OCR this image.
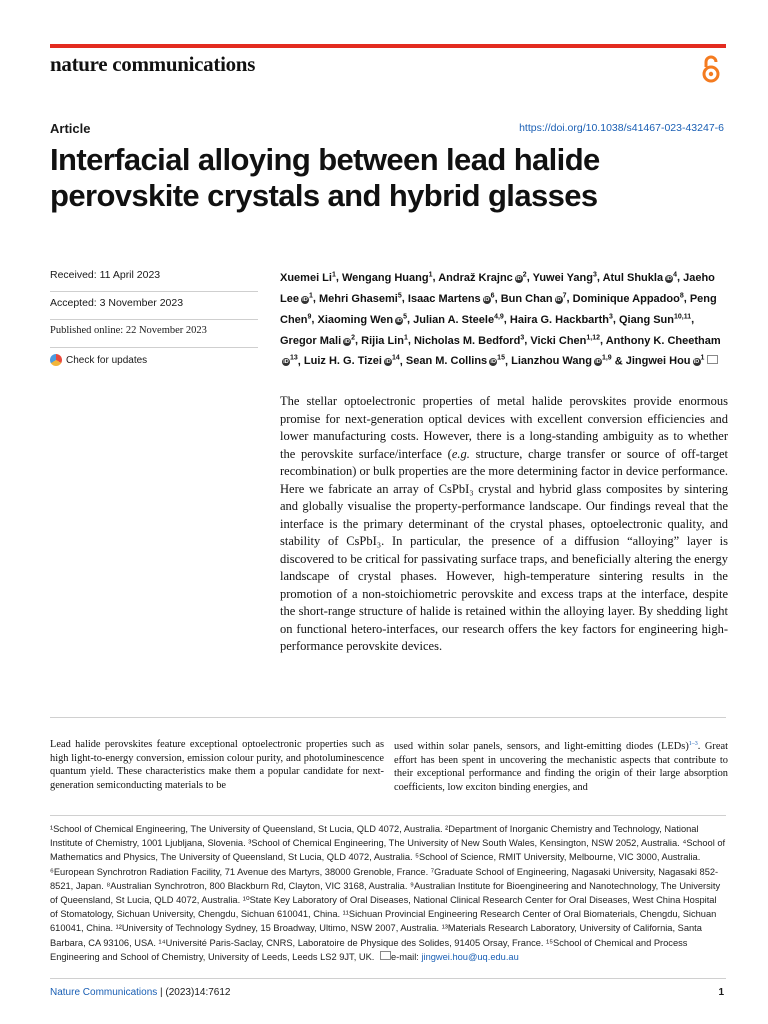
nature communications
Article	https://doi.org/10.1038/s41467-023-43247-6
Interfacial alloying between lead halide perovskite crystals and hybrid glasses
Received: 11 April 2023
Accepted: 3 November 2023
Published online: 22 November 2023
Check for updates
Xuemei Li$^1$, Wengang Huang$^1$, Andraž Krajnc $iD^2$, Yuwei Yang$^3$, Atul Shukla $iD^4$, Jaeho Lee $iD^1$, Mehri Ghasemi$^5$, Isaac Martens $iD^6$, Bun Chan $iD^7$, Dominique Appadoo$^8$, Peng Chen$^9$, Xiaoming Wen $iD^5$, Julian A. Steele$^{4,9}$, Haira G. Hackbarth$^3$, Qiang Sun$^{10,11}$, Gregor Mali $iD^2$, Rijia Lin$^1$, Nicholas M. Bedford$^3$, Vicki Chen$^{1,12}$, Anthony K. CheethamiD$^{13}$, Luiz H. G. Tizei $iD^{14}$, Sean M. Collins $iD^{15}$, Lianzhou Wang iD$^{1,9}$ & Jingwei Hou $iD^1$

The stellar optoelectronic properties of metal halide perovskites provide enormous promise for next-generation optical devices with excellent conversion efficiencies and lower manufacturing costs. However, there is a long-standing ambiguity as to whether the perovskite surface/interface (e.g. structure, charge transfer or source of off-target recombination) or bulk properties are the more determining factor in device performance. Here we fabricate an array of CsPbI₃ crystal and hybrid glass composites by sintering and globally visualise the property-performance landscape. Our findings reveal that the interface is the primary determinant of the crystal phases, optoelectronic quality, and stability of CsPbI₃. In particular, the presence of a diffusion “alloying” layer is discovered to be critical for passivating surface traps, and beneficially altering the energy landscape of crystal phases. However, high-temperature sintering results in the promotion of a non-stoichiometric perovskite and excess traps at the interface, despite the short-range structure of halide is retained within the alloying layer. By shedding light on functional hetero-interfaces, our research offers the key factors for engineering high-performance perovskite devices.

Lead halide perovskites feature exceptional optoelectronic properties such as high light-to-energy conversion, emission colour purity, and photoluminescence quantum yield. These characteristics make them a popular candidate for next-generation semiconducting materials to be

used within solar panels, sensors, and light-emitting diodes (LEDs)$^{1-3}$. Great effort has been spent in uncovering the mechanistic aspects that contribute to their exceptional performance and finding the origin of their large absorption coefficients, low exciton binding energies, and

¹School of Chemical Engineering, The University of Queensland, St Lucia, QLD 4072, Australia. ²Department of Inorganic Chemistry and Technology, National Institute of Chemistry, 1001 Ljubljana, Slovenia. ³School of Chemical Engineering, The University of New South Wales, Kensington, NSW 2052, Australia. ⁴School of Mathematics and Physics, The University of Queensland, St Lucia, QLD 4072, Australia. ⁵School of Science, RMIT University, Melbourne, VIC 3000, Australia. ⁶European Synchrotron Radiation Facility, 71 Avenue des Martyrs, 38000 Grenoble, France. ⁷Graduate School of Engineering, Nagasaki University, Nagasaki 852-8521, Japan. ⁸Australian Synchrotron, 800 Blackburn Rd, Clayton, VIC 3168, Australia. ⁹Australian Institute for Bioengineering and Nanotechnology, The University of Queensland, St Lucia, QLD 4072, Australia. ¹⁰State Key Laboratory of Oral Diseases, National Clinical Research Center for Oral Diseases, West China Hospital of Stomatology, Sichuan University, Chengdu, Sichuan 610041, China. ¹¹Sichuan Provincial Engineering Research Center of Oral Biomaterials, Chengdu, Sichuan 610041, China. ¹²University of Technology Sydney, 15 Broadway, Ultimo, NSW 2007, Australia. ¹³Materials Research Laboratory, University of California, Santa Barbara, CA 93106, USA. ¹⁴Université Paris-Saclay, CNRS, Laboratoire de Physique des Solides, 91405 Orsay, France. ¹⁵School of Chemical and Process Engineering and School of Chemistry, University of Leeds, Leeds LS2 9JT, UK. e-mail: jingwei.hou@uq.edu.au

Nature Communications | (2023)14:7612	1
